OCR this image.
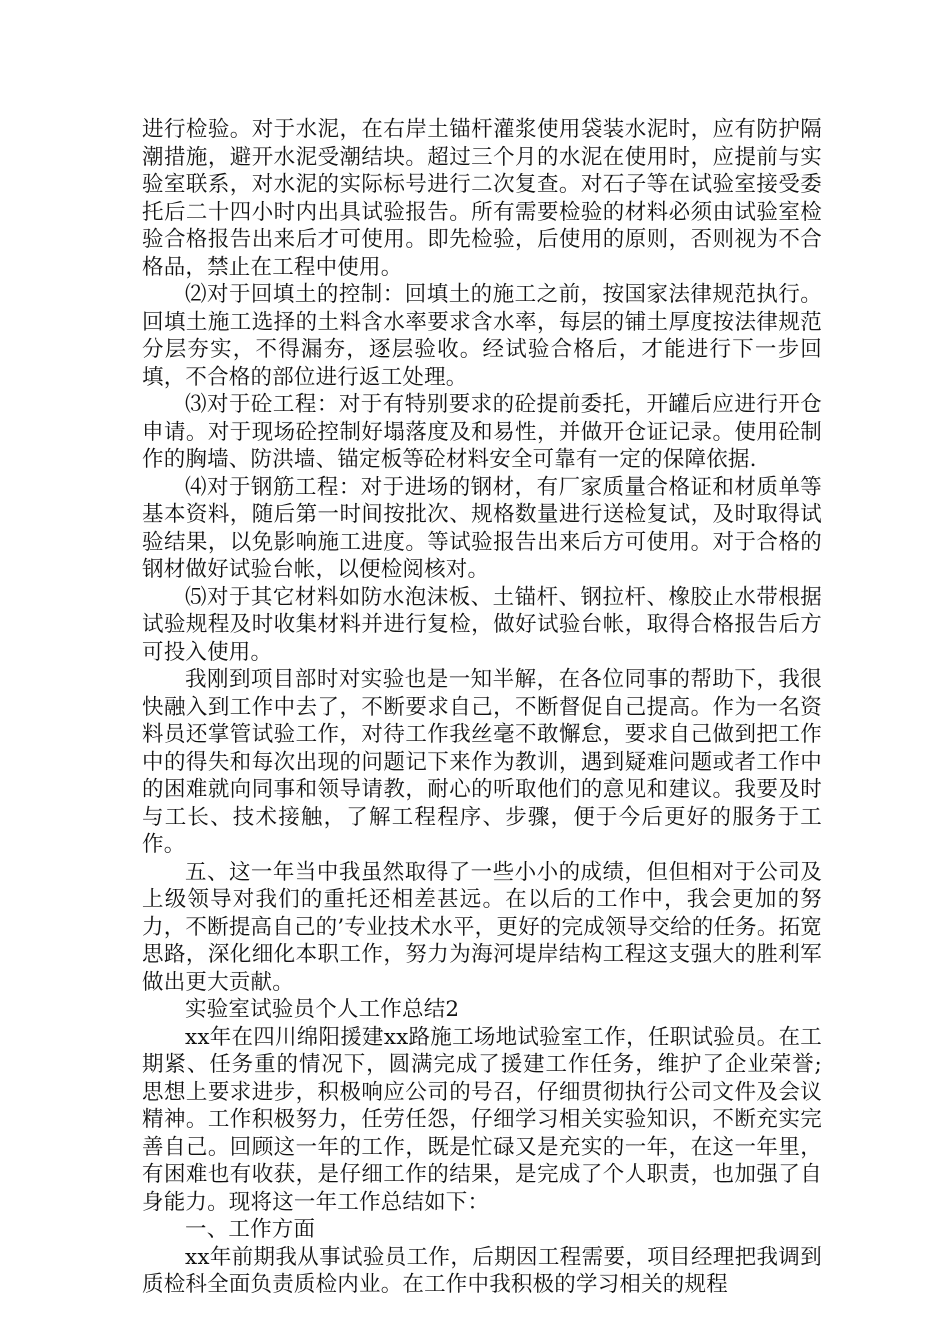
进行检验。对于水泥，在右岸土锚杆灌浆使用袋装水泥时，应有防护隔潮措施，避开水泥受潮结块。超过三个月的水泥在使用时，应提前与实验室联系，对水泥的实际标号进行二次复查。对石子等在试验室接受委托后二十四小时内出具试验报告。所有需要检验的材料必须由试验室检验合格报告出来后才可使用。即先检验，后使用的原则，否则视为不合格品，禁止在工程中使用。

⑵对于回填土的控制：回填土的施工之前，按国家法律规范执行。回填土施工选择的土料含水率要求含水率，每层的铺土厚度按法律规范分层夯实，不得漏夯，逐层验收。经试验合格后，才能进行下一步回填，不合格的部位进行返工处理。

⑶对于砼工程：对于有特别要求的砼提前委托，开罐后应进行开仓申请。对于现场砼控制好塌落度及和易性，并做开仓证记录。使用砼制作的胸墙、防洪墙、锚定板等砼材料安全可靠有一定的保障依据.

⑷对于钢筋工程：对于进场的钢材，有厂家质量合格证和材质单等基本资料，随后第一时间按批次、规格数量进行送检复试，及时取得试验结果，以免影响施工进度。等试验报告出来后方可使用。对于合格的钢材做好试验台帐，以便检阅核对。

⑸对于其它材料如防水泡沫板、土锚杆、钢拉杆、橡胶止水带根据试验规程及时收集材料并进行复检，做好试验台帐，取得合格报告后方可投入使用。

我刚到项目部时对实验也是一知半解，在各位同事的帮助下，我很快融入到工作中去了，不断要求自己，不断督促自己提高。作为一名资料员还掌管试验工作，对待工作我丝毫不敢懈怠，要求自己做到把工作中的得失和每次出现的问题记下来作为教训，遇到疑难问题或者工作中的困难就向同事和领导请教，耐心的听取他们的意见和建议。我要及时与工长、技术接触，了解工程程序、步骤，便于今后更好的服务于工作。

五、这一年当中我虽然取得了一些小小的成绩，但但相对于公司及上级领导对我们的重托还相差甚远。在以后的工作中，我会更加的努力，不断提高自己的’专业技术水平，更好的完成领导交给的任务。拓宽思路，深化细化本职工作，努力为海河堤岸结构工程这支强大的胜利军做出更大贡献。

实验室试验员个人工作总结2

xx年在四川绵阳援建xx路施工场地试验室工作，任职试验员。在工期紧、任务重的情况下，圆满完成了援建工作任务，维护了企业荣誉;思想上要求进步，积极响应公司的号召，仔细贯彻执行公司文件及会议精神。工作积极努力，任劳任怨，仔细学习相关实验知识，不断充实完善自己。回顾这一年的工作，既是忙碌又是充实的一年，在这一年里，有困难也有收获，是仔细工作的结果，是完成了个人职责，也加强了自身能力。现将这一年工作总结如下：

一、工作方面

xx年前期我从事试验员工作，后期因工程需要，项目经理把我调到质检科全面负责质检内业。在工作中我积极的学习相关的规程
